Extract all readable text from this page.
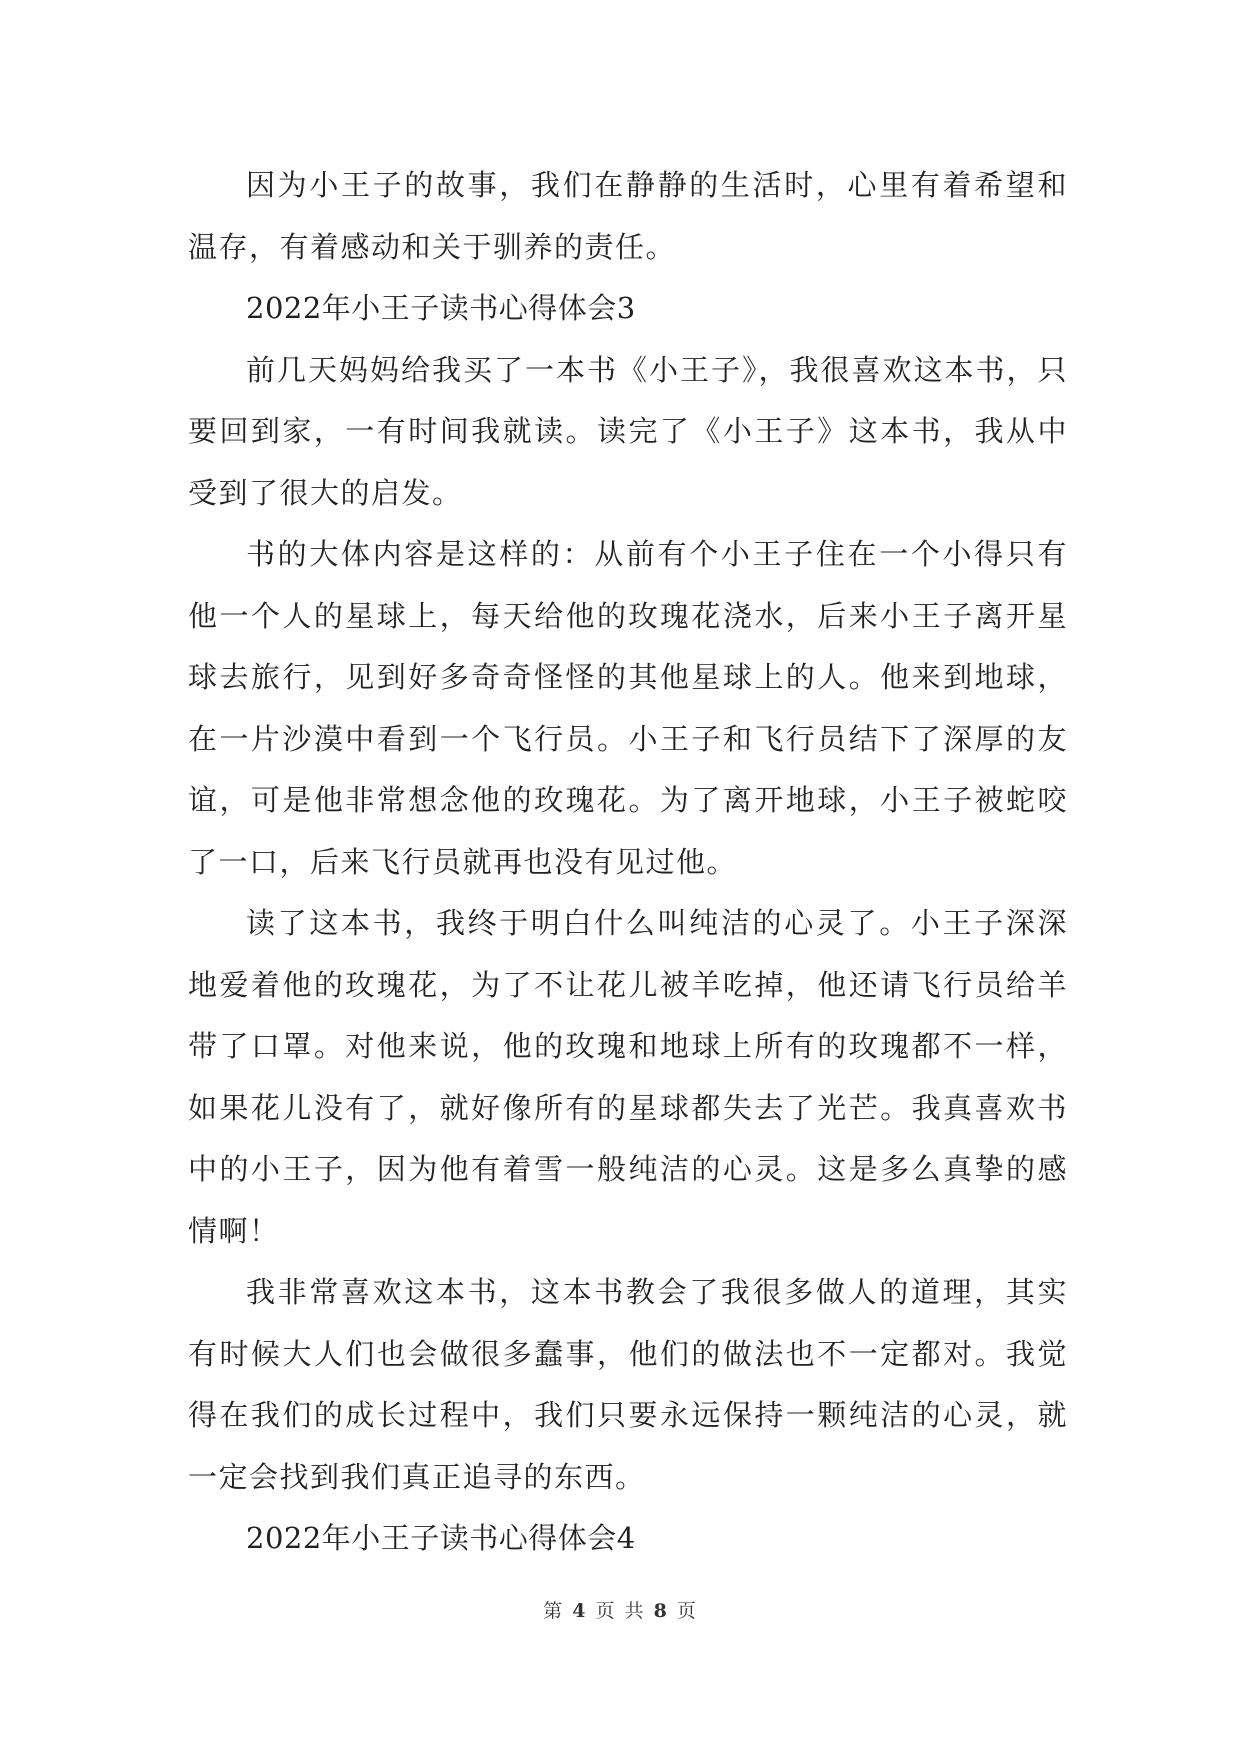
因为小王子的故事，我们在静静的生活时，心里有着希望和温存，有着感动和关于驯养的责任。

2022年小王子读书心得体会3

前几天妈妈给我买了一本书《小王子》，我很喜欢这本书，只要回到家，一有时间我就读。读完了《小王子》这本书，我从中受到了很大的启发。

书的大体内容是这样的：从前有个小王子住在一个小得只有他一个人的星球上，每天给他的玫瑰花浇水，后来小王子离开星球去旅行，见到好多奇奇怪怪的其他星球上的人。他来到地球，在一片沙漠中看到一个飞行员。小王子和飞行员结下了深厚的友谊，可是他非常想念他的玫瑰花。为了离开地球，小王子被蛇咬了一口，后来飞行员就再也没有见过他。

读了这本书，我终于明白什么叫纯洁的心灵了。小王子深深地爱着他的玫瑰花，为了不让花儿被羊吃掉，他还请飞行员给羊带了口罩。对他来说，他的玫瑰和地球上所有的玫瑰都不一样，如果花儿没有了，就好像所有的星球都失去了光芒。我真喜欢书中的小王子，因为他有着雪一般纯洁的心灵。这是多么真挚的感情啊！

我非常喜欢这本书，这本书教会了我很多做人的道理，其实有时候大人们也会做很多蠢事，他们的做法也不一定都对。我觉得在我们的成长过程中，我们只要永远保持一颗纯洁的心灵，就一定会找到我们真正追寻的东西。

2022年小王子读书心得体会4

第 4 页 共 8 页
